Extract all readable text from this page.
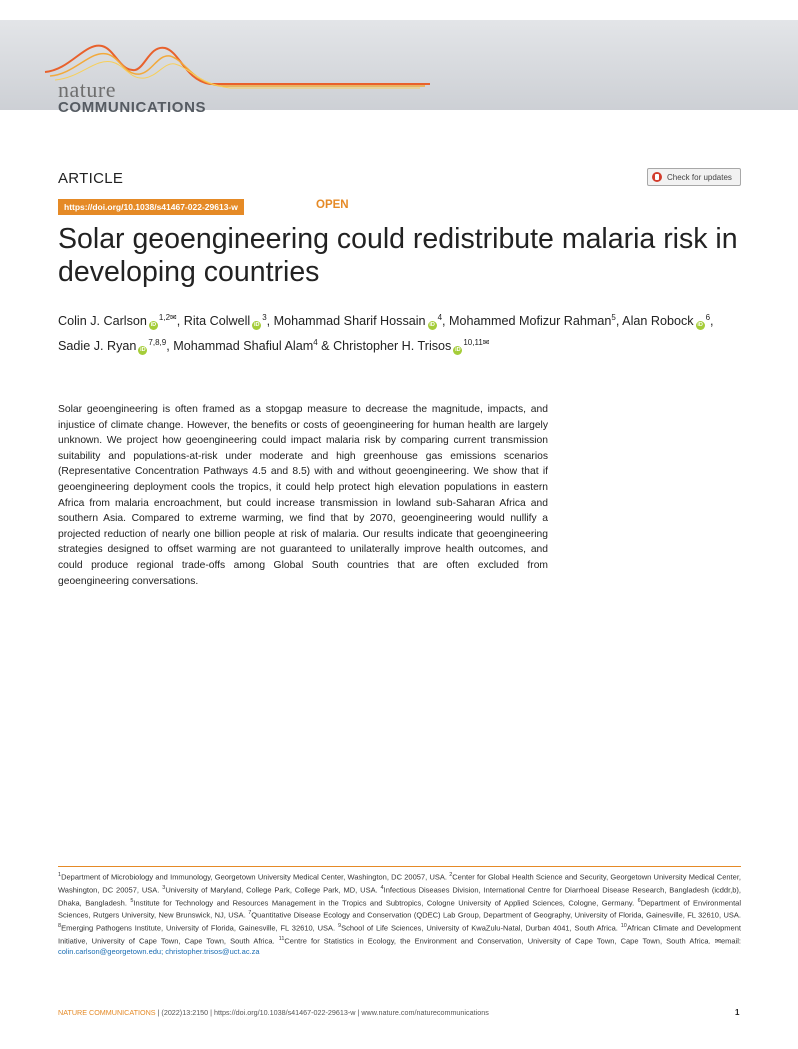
nature
COMMUNICATIONS
ARTICLE	Check for updates
https://doi.org/10.1038/s41467-022-29613-w	OPEN
Solar geoengineering could redistribute malaria risk in developing countries
Colin J. Carlson $iD^{1,2✉}$, Rita Colwell $iD^3$, Mohammad Sharif Hossain $iD^4$, Mohammed Mofizur Rahman$^5$, Alan Robock $iD^6$, Sadie J. Ryan iD$^{7,8,9}$, Mohammad Shafiul Alam$^4$ & Christopher H. Trisos $iD^{10,11✉}$

Solar geoengineering is often framed as a stopgap measure to decrease the magnitude, impacts, and injustice of climate change. However, the benefits or costs of geoengineering for human health are largely unknown. We project how geoengineering could impact malaria risk by comparing current transmission suitability and populations-at-risk under moderate and high greenhouse gas emissions scenarios (Representative Concentration Pathways 4.5 and 8.5) with and without geoengineering. We show that if geoengineering deployment cools the tropics, it could help protect high elevation populations in eastern Africa from malaria encroachment, but could increase transmission in lowland sub-Saharan Africa and southern Asia. Compared to extreme warming, we find that by 2070, geoengineering would nullify a projected reduction of nearly one billion people at risk of malaria. Our results indicate that geoengineering strategies designed to offset warming are not guaranteed to unilaterally improve health outcomes, and could produce regional trade-offs among Global South countries that are often excluded from geoengineering conversations.

$^1$Department of Microbiology and Immunology, Georgetown University Medical Center, Washington, DC 20057, USA. $^2$Center for Global Health Science and Security, Georgetown University Medical Center, Washington, DC 20057, USA. $^3$University of Maryland, College Park, College Park, MD, USA. $^4$Infectious Diseases Division, International Centre for Diarrhoeal Disease Research, Bangladesh (icddr,b), Dhaka, Bangladesh. $^5$Institute for Technology and Resources Management in the Tropics and Subtropics, Cologne University of Applied Sciences, Cologne, Germany. $^6$Department of Environmental Sciences, Rutgers University, New Brunswick, NJ, USA. $^7$Quantitative Disease Ecology and Conservation (QDEC) Lab Group, Department of Geography, University of Florida, Gainesville, FL 32610, USA. $^8$Emerging Pathogens Institute, University of Florida, Gainesville, FL 32610, USA. $^9$School of Life Sciences, University of KwaZulu-Natal, Durban 4041, South Africa. $^{10}$African Climate and Development Initiative, University of Cape Town, Cape Town, South Africa. $^{11}$Centre for Statistics in Ecology, the Environment and Conservation, University of Cape Town, Cape Town, South Africa. ✉email: colin.carlson@georgetown.edu; christopher.trisos@uct.ac.za

NATURE COMMUNICATIONS | (2022)13:2150 | https://doi.org/10.1038/s41467-022-29613-w | www.nature.com/naturecommunications	1
